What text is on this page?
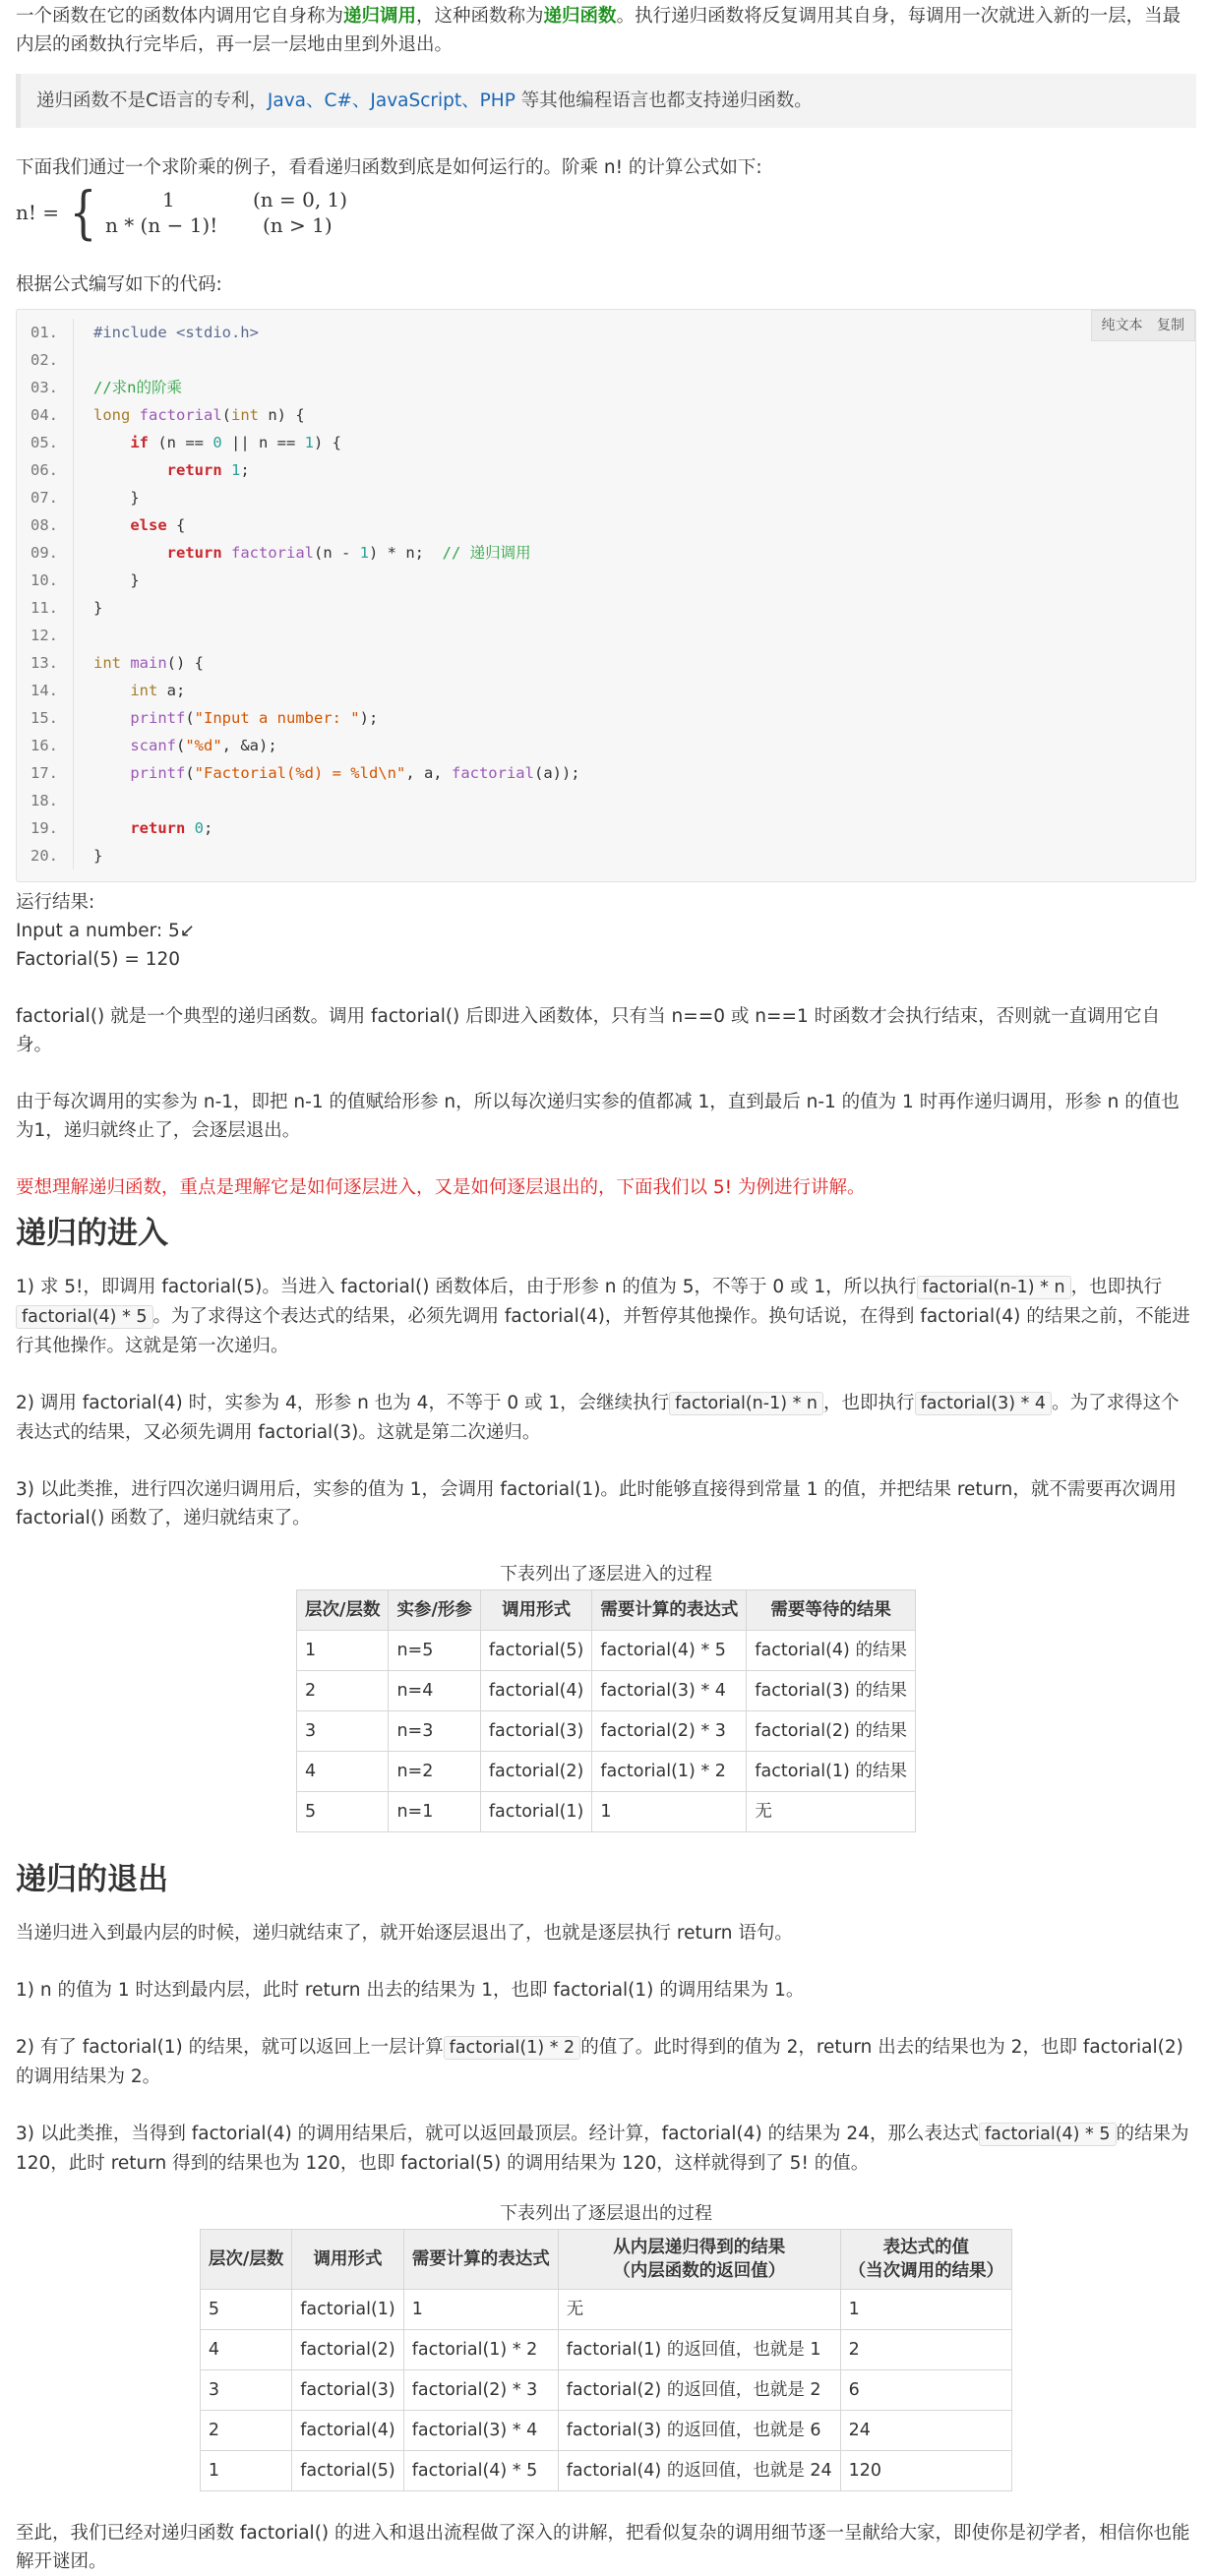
一个函数在它的函数体内调用它自身称为递归调用，这种函数称为递归函数。执行递归函数将反复调用其自身，每调用一次就进入新的一层，当最内层的函数执行完毕后，再一层一层地由里到外退出。

递归函数不是C语言的专利，Java、C#、JavaScript、PHP 等其他编程语言也都支持递归函数。

下面我们通过一个求阶乘的例子，看看递归函数到底是如何运行的。阶乘 n! 的计算公式如下:

n! = {	1	(n = 0, 1)
n * (n − 1)!	(n > 1)

根据公式编写如下的代码:

纯文本 复制
01.	#include <stdio.h>
02.
03.	//求n的阶乘
04.	long factorial(int n) {
05.	if (n == 0 || n == 1) {
06.	return 1;
07.	}
08.	else {
09.	return factorial(n - 1) * n;  // 递归调用
10.	}
11.	}
12.
13.	int main() {
14.	int a;
15.	printf("Input a number: ");
16.	scanf("%d", &a);
17.	printf("Factorial(%d) = %ld\n", a, factorial(a));
18.
19.	return 0;
20.	}

运行结果:

Input a number: 5↙

Factorial(5) = 120

factorial() 就是一个典型的递归函数。调用 factorial() 后即进入函数体，只有当 n==0 或 n==1 时函数才会执行结束，否则就一直调用它自身。

由于每次调用的实参为 n-1，即把 n-1 的值赋给形参 n，所以每次递归实参的值都减 1，直到最后 n-1 的值为 1 时再作递归调用，形参 n 的值也为1，递归就终止了，会逐层退出。

要想理解递归函数，重点是理解它是如何逐层进入，又是如何逐层退出的，下面我们以 5! 为例进行讲解。

递归的进入

1) 求 5!，即调用 factorial(5)。当进入 factorial() 函数体后，由于形参 n 的值为 5，不等于 0 或 1，所以执行 factorial(n-1) * n ，也即执行factorial(4) * 5 。为了求得这个表达式的结果，必须先调用 factorial(4)，并暂停其他操作。换句话说，在得到 factorial(4) 的结果之前，不能进行其他操作。这就是第一次递归。

2) 调用 factorial(4) 时，实参为 4，形参 n 也为 4，不等于 0 或 1，会继续执行 factorial(n-1) * n ，也即执行 factorial(3) * 4 。为了求得这个表达式的结果，又必须先调用 factorial(3)。这就是第二次递归。

3) 以此类推，进行四次递归调用后，实参的值为 1，会调用 factorial(1)。此时能够直接得到常量 1 的值，并把结果 return，就不需要再次调用 factorial() 函数了，递归就结束了。

下表列出了逐层进入的过程

层次/层数	实参/形参	调用形式	需要计算的表达式	需要等待的结果
1	n=5	factorial(5)	factorial(4) * 5	factorial(4) 的结果
2	n=4	factorial(4)	factorial(3) * 4	factorial(3) 的结果
3	n=3	factorial(3)	factorial(2) * 3	factorial(2) 的结果
4	n=2	factorial(2)	factorial(1) * 2	factorial(1) 的结果
5	n=1	factorial(1)	1	无
递归的退出

当递归进入到最内层的时候，递归就结束了，就开始逐层退出了，也就是逐层执行 return 语句。

1) n 的值为 1 时达到最内层，此时 return 出去的结果为 1，也即 factorial(1) 的调用结果为 1。

2) 有了 factorial(1) 的结果，就可以返回上一层计算 factorial(1) * 2 的值了。此时得到的值为 2，return 出去的结果也为 2，也即 factorial(2) 的调用结果为 2。

3) 以此类推，当得到 factorial(4) 的调用结果后，就可以返回最顶层。经计算，factorial(4) 的结果为 24，那么表达式 factorial(4) * 5 的结果为 120，此时 return 得到的结果也为 120，也即 factorial(5) 的调用结果为 120，这样就得到了 5! 的值。

下表列出了逐层退出的过程

层次/层数	调用形式	需要计算的表达式	从内层递归得到的结果
（内层函数的返回值）	表达式的值
（当次调用的结果）
5	factorial(1)	1	无	1
4	factorial(2)	factorial(1) * 2	factorial(1) 的返回值，也就是 1	2
3	factorial(3)	factorial(2) * 3	factorial(2) 的返回值，也就是 2	6
2	factorial(4)	factorial(3) * 4	factorial(3) 的返回值，也就是 6	24
1	factorial(5)	factorial(4) * 5	factorial(4) 的返回值，也就是 24	120

至此，我们已经对递归函数 factorial() 的进入和退出流程做了深入的讲解，把看似复杂的调用细节逐一呈献给大家，即使你是初学者，相信你也能解开谜团。
